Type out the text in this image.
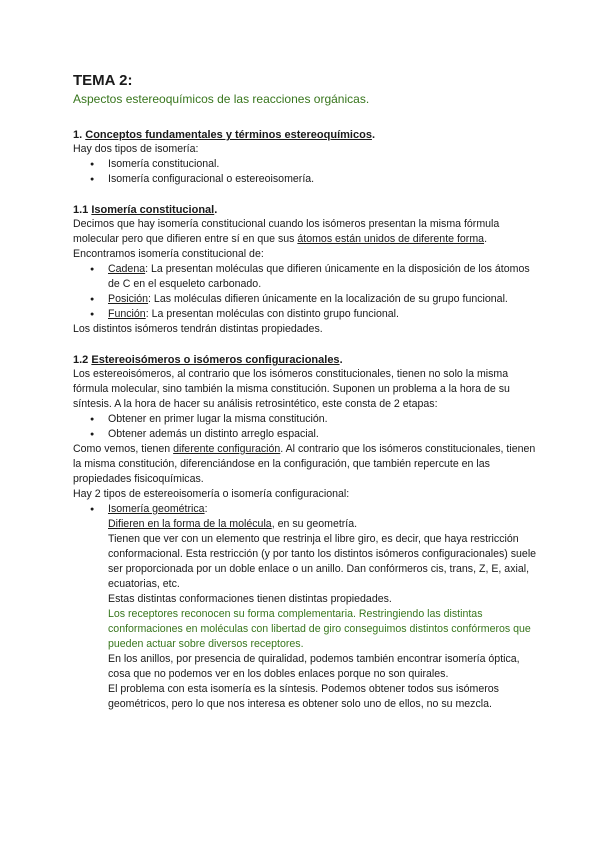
TEMA 2:

Aspectos estereoquímicos de las reacciones orgánicas.

1. Conceptos fundamentales y términos estereoquímicos.

Hay dos tipos de isomería:

● Isomería constitucional.
● Isomería configuracional o estereoisomería.

1.1 Isomería constitucional.

Decimos que hay isomería constitucional cuando los isómeros presentan la misma fórmula molecular pero que difieren entre sí en que sus átomos están unidos de diferente forma.

Encontramos isomería constitucional de:

● Cadena: La presentan moléculas que difieren únicamente en la disposición de los átomos de C en el esqueleto carbonado.
● Posición: Las moléculas difieren únicamente en la localización de su grupo funcional.
● Función: La presentan moléculas con distinto grupo funcional.

Los distintos isómeros tendrán distintas propiedades.

1.2 Estereoisómeros o isómeros configuracionales.

Los estereoisómeros, al contrario que los isómeros constitucionales, tienen no solo la misma fórmula molecular, sino también la misma constitución. Suponen un problema a la hora de su síntesis. A la hora de hacer su análisis retrosintético, este consta de 2 etapas:

● Obtener en primer lugar la misma constitución.
● Obtener además un distinto arreglo espacial.

Como vemos, tienen diferente configuración. Al contrario que los isómeros constitucionales, tienen la misma constitución, diferenciándose en la configuración, que también repercute en las propiedades fisicoquímicas.

Hay 2 tipos de estereoisomería o isomería configuracional:

● Isomería geométrica:

Difieren en la forma de la molécula, en su geometría.

Tienen que ver con un elemento que restrinja el libre giro, es decir, que haya restricción conformacional. Esta restricción (y por tanto los distintos isómeros configuracionales) suele ser proporcionada por un doble enlace o un anillo. Dan confórmeros cis, trans, Z, E, axial, ecuatorias, etc.

Estas distintas conformaciones tienen distintas propiedades.

Los receptores reconocen su forma complementaria. Restringiendo las distintas conformaciones en moléculas con libertad de giro conseguimos distintos confórmeros que pueden actuar sobre diversos receptores.

En los anillos, por presencia de quiralidad, podemos también encontrar isomería óptica, cosa que no podemos ver en los dobles enlaces porque no son quirales.

El problema con esta isomería es la síntesis. Podemos obtener todos sus isómeros geométricos, pero lo que nos interesa es obtener solo uno de ellos, no su mezcla.
